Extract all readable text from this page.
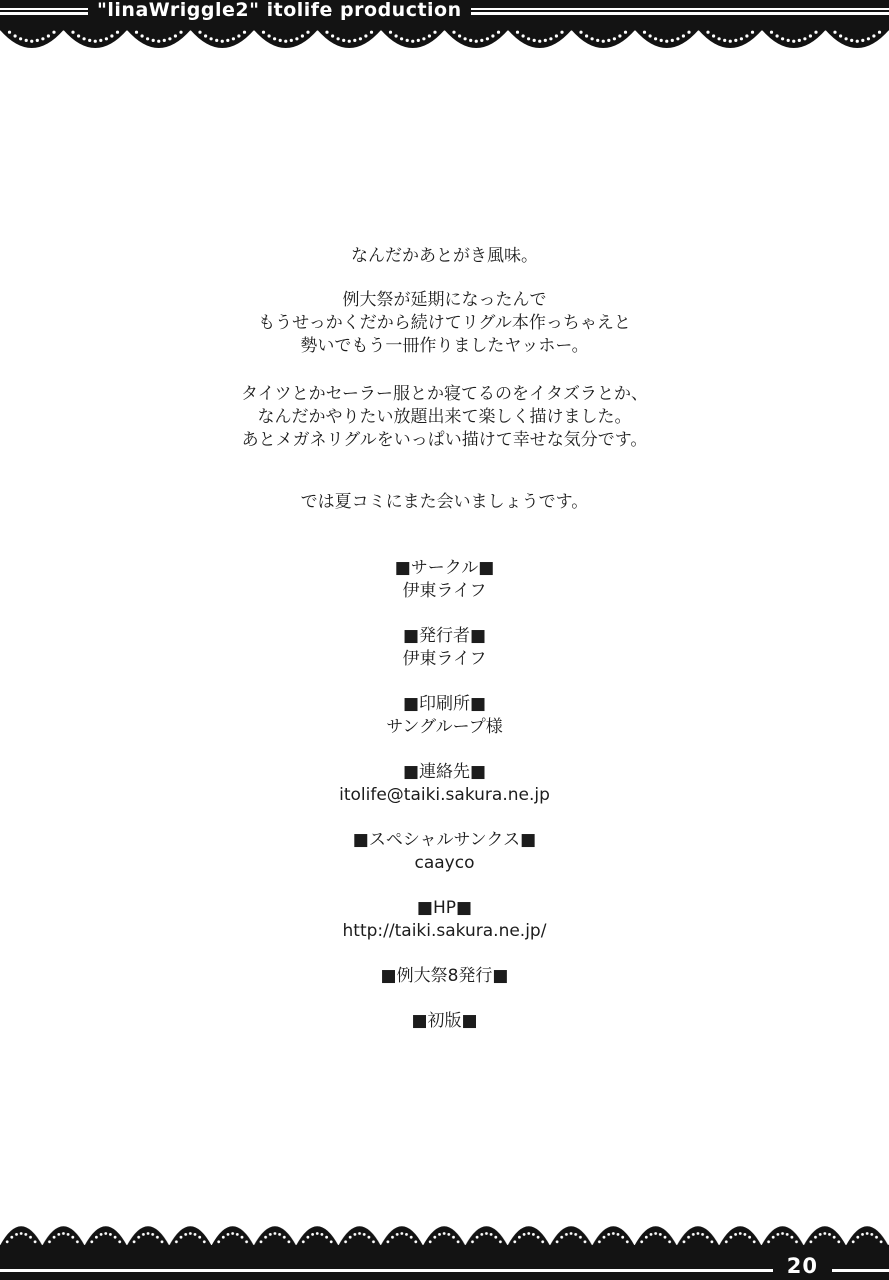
"linaWriggle2" itolife production
なんだかあとがき風味。
例大祭が延期になったんで
もうせっかくだから続けてリグル本作っちゃえと
勢いでもう一冊作りましたヤッホー。
タイツとかセーラー服とか寝てるのをイタズラとか、
なんだかやりたい放題出来て楽しく描けました。
あとメガネリグルをいっぱい描けて幸せな気分です。
では夏コミにまた会いましょうです。
■サークル■
伊東ライフ
■発行者■
伊東ライフ
■印刷所■
サングループ様
■連絡先■
itolife@taiki.sakura.ne.jp
■スペシャルサンクス■
caayco
■HP■
http://taiki.sakura.ne.jp/
■例大祭8発行■
■初版■
20
